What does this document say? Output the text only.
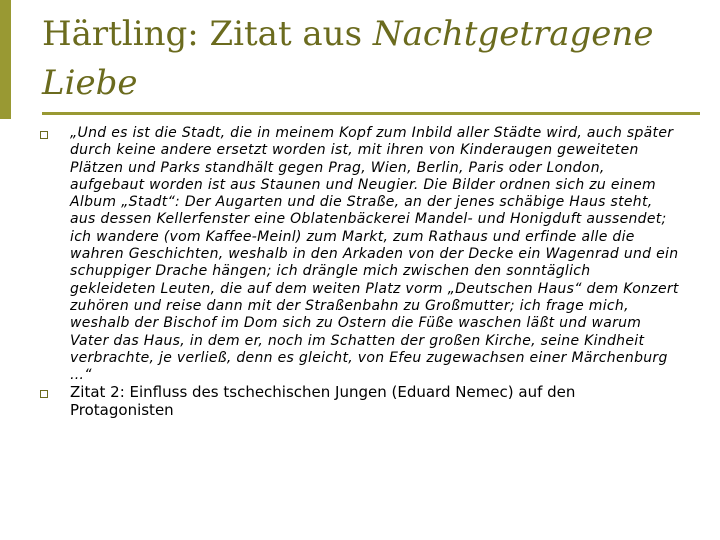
Härtling: Zitat aus Nachtgetragene Liebe
„Und es ist die Stadt, die in meinem Kopf zum Inbild aller Städte wird, auch später durch keine andere ersetzt worden ist, mit ihren von Kinderaugen geweiteten Plätzen und Parks standhält gegen Prag, Wien, Berlin, Paris oder London, aufgebaut worden ist aus Staunen und Neugier. Die Bilder ordnen sich zu einem Album „Stadt“: Der Augarten und die Straße, an der jenes schäbige Haus steht, aus dessen Kellerfenster eine Oblatenbäckerei Mandel- und Honigduft aussendet; ich wandere (vom Kaffee-Meinl) zum Markt, zum Rathaus und erfinde alle die wahren Geschichten, weshalb in den Arkaden von der Decke ein Wagenrad und ein schuppiger Drache hängen; ich drängle mich zwischen den sonntäglich gekleideten Leuten, die auf dem weiten Platz vorm „Deutschen Haus“ dem Konzert zuhören und reise dann mit der Straßenbahn zu Großmutter; ich frage mich, weshalb der Bischof im Dom sich zu Ostern die Füße waschen läßt und warum Vater das Haus, in dem er, noch im Schatten der großen Kirche, seine Kindheit verbrachte, je verließ, denn es gleicht, von Efeu zugewachsen einer Märchenburg …“
Zitat 2: Einfluss des tschechischen Jungen (Eduard Nemec) auf den Protagonisten
